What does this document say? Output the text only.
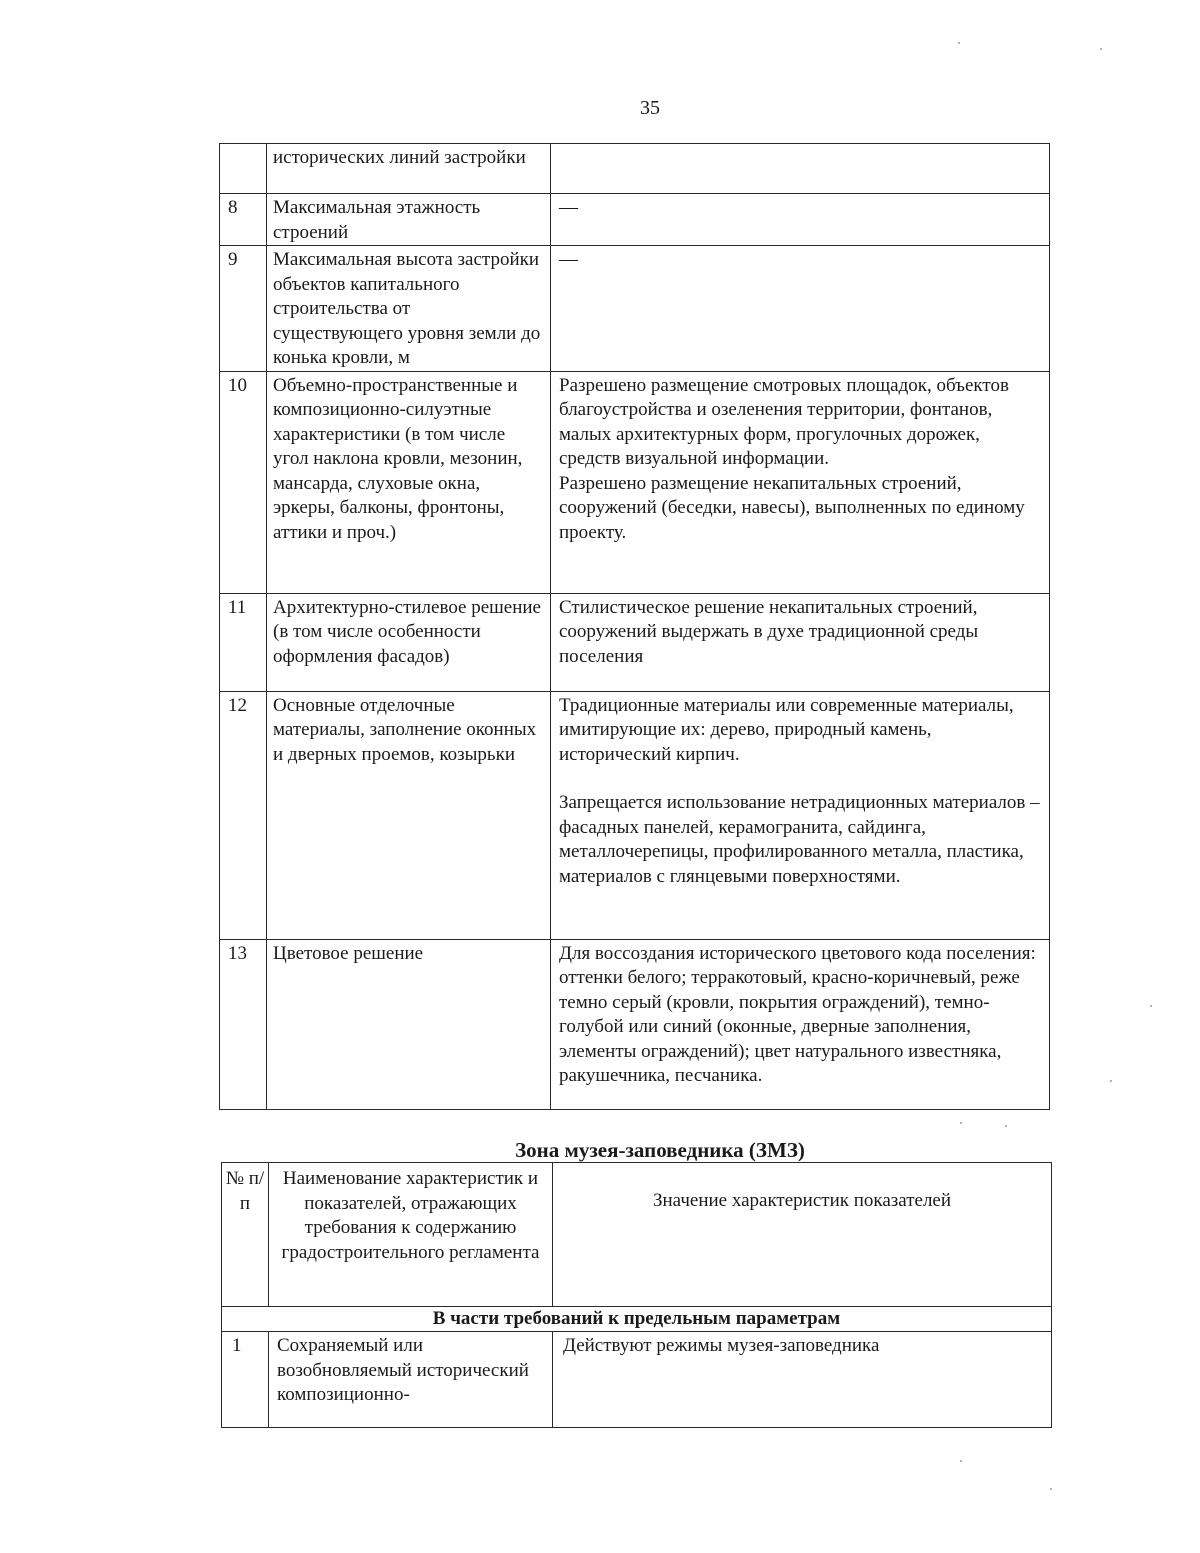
35
	исторических линий застройки	
8	Максимальная этажность строений	—
9	Максимальная высота застройки объектов капитального строительства от существующего уровня земли до конька кровли, м	—
10	Объемно-пространственные и композиционно-силуэтные характеристики (в том числе угол наклона кровли, мезонин, мансарда, слуховые окна, эркеры, балконы, фронтоны, аттики и проч.)	Разрешено размещение смотровых площадок, объектов благоустройства и озеленения территории, фонтанов, малых архитектурных форм, прогулочных дорожек, средств визуальной информации.
Разрешено размещение некапитальных строений, сооружений (беседки, навесы), выполненных по единому проекту.

11	Архитектурно-стилевое решение (в том числе особенности оформления фасадов)	Стилистическое решение некапитальных строений, сооружений выдержать в духе традиционной среды поселения

12	Основные отделочные материалы, заполнение оконных и дверных проемов, козырьки	Традиционные материалы или современные материалы, имитирующие их: дерево, природный камень, исторический кирпич.
Запрещается использование нетрадиционных материалов – фасадных панелей, керамогранита, сайдинга, металлочерепицы, профилированного металла, пластика, материалов с глянцевыми поверхностями.

13	Цветовое решение	Для воссоздания исторического цветового кода поселения: оттенки белого; терракотовый, красно-коричневый, реже темно серый (кровли, покрытия ограждений), темно-голубой или синий (оконные, дверные заполнения, элементы ограждений); цвет натурального известняка, ракушечника, песчаника.
Зона музея-заповедника (ЗМЗ)
№ п/п	Наименование характеристик и показателей, отражающих требования к содержанию градостроительного регламента	Значение характеристик показателей
В части требований к предельным параметрам		
1	Сохраняемый или возобновляемый исторический композиционно-	Действуют режимы музея-заповедника
